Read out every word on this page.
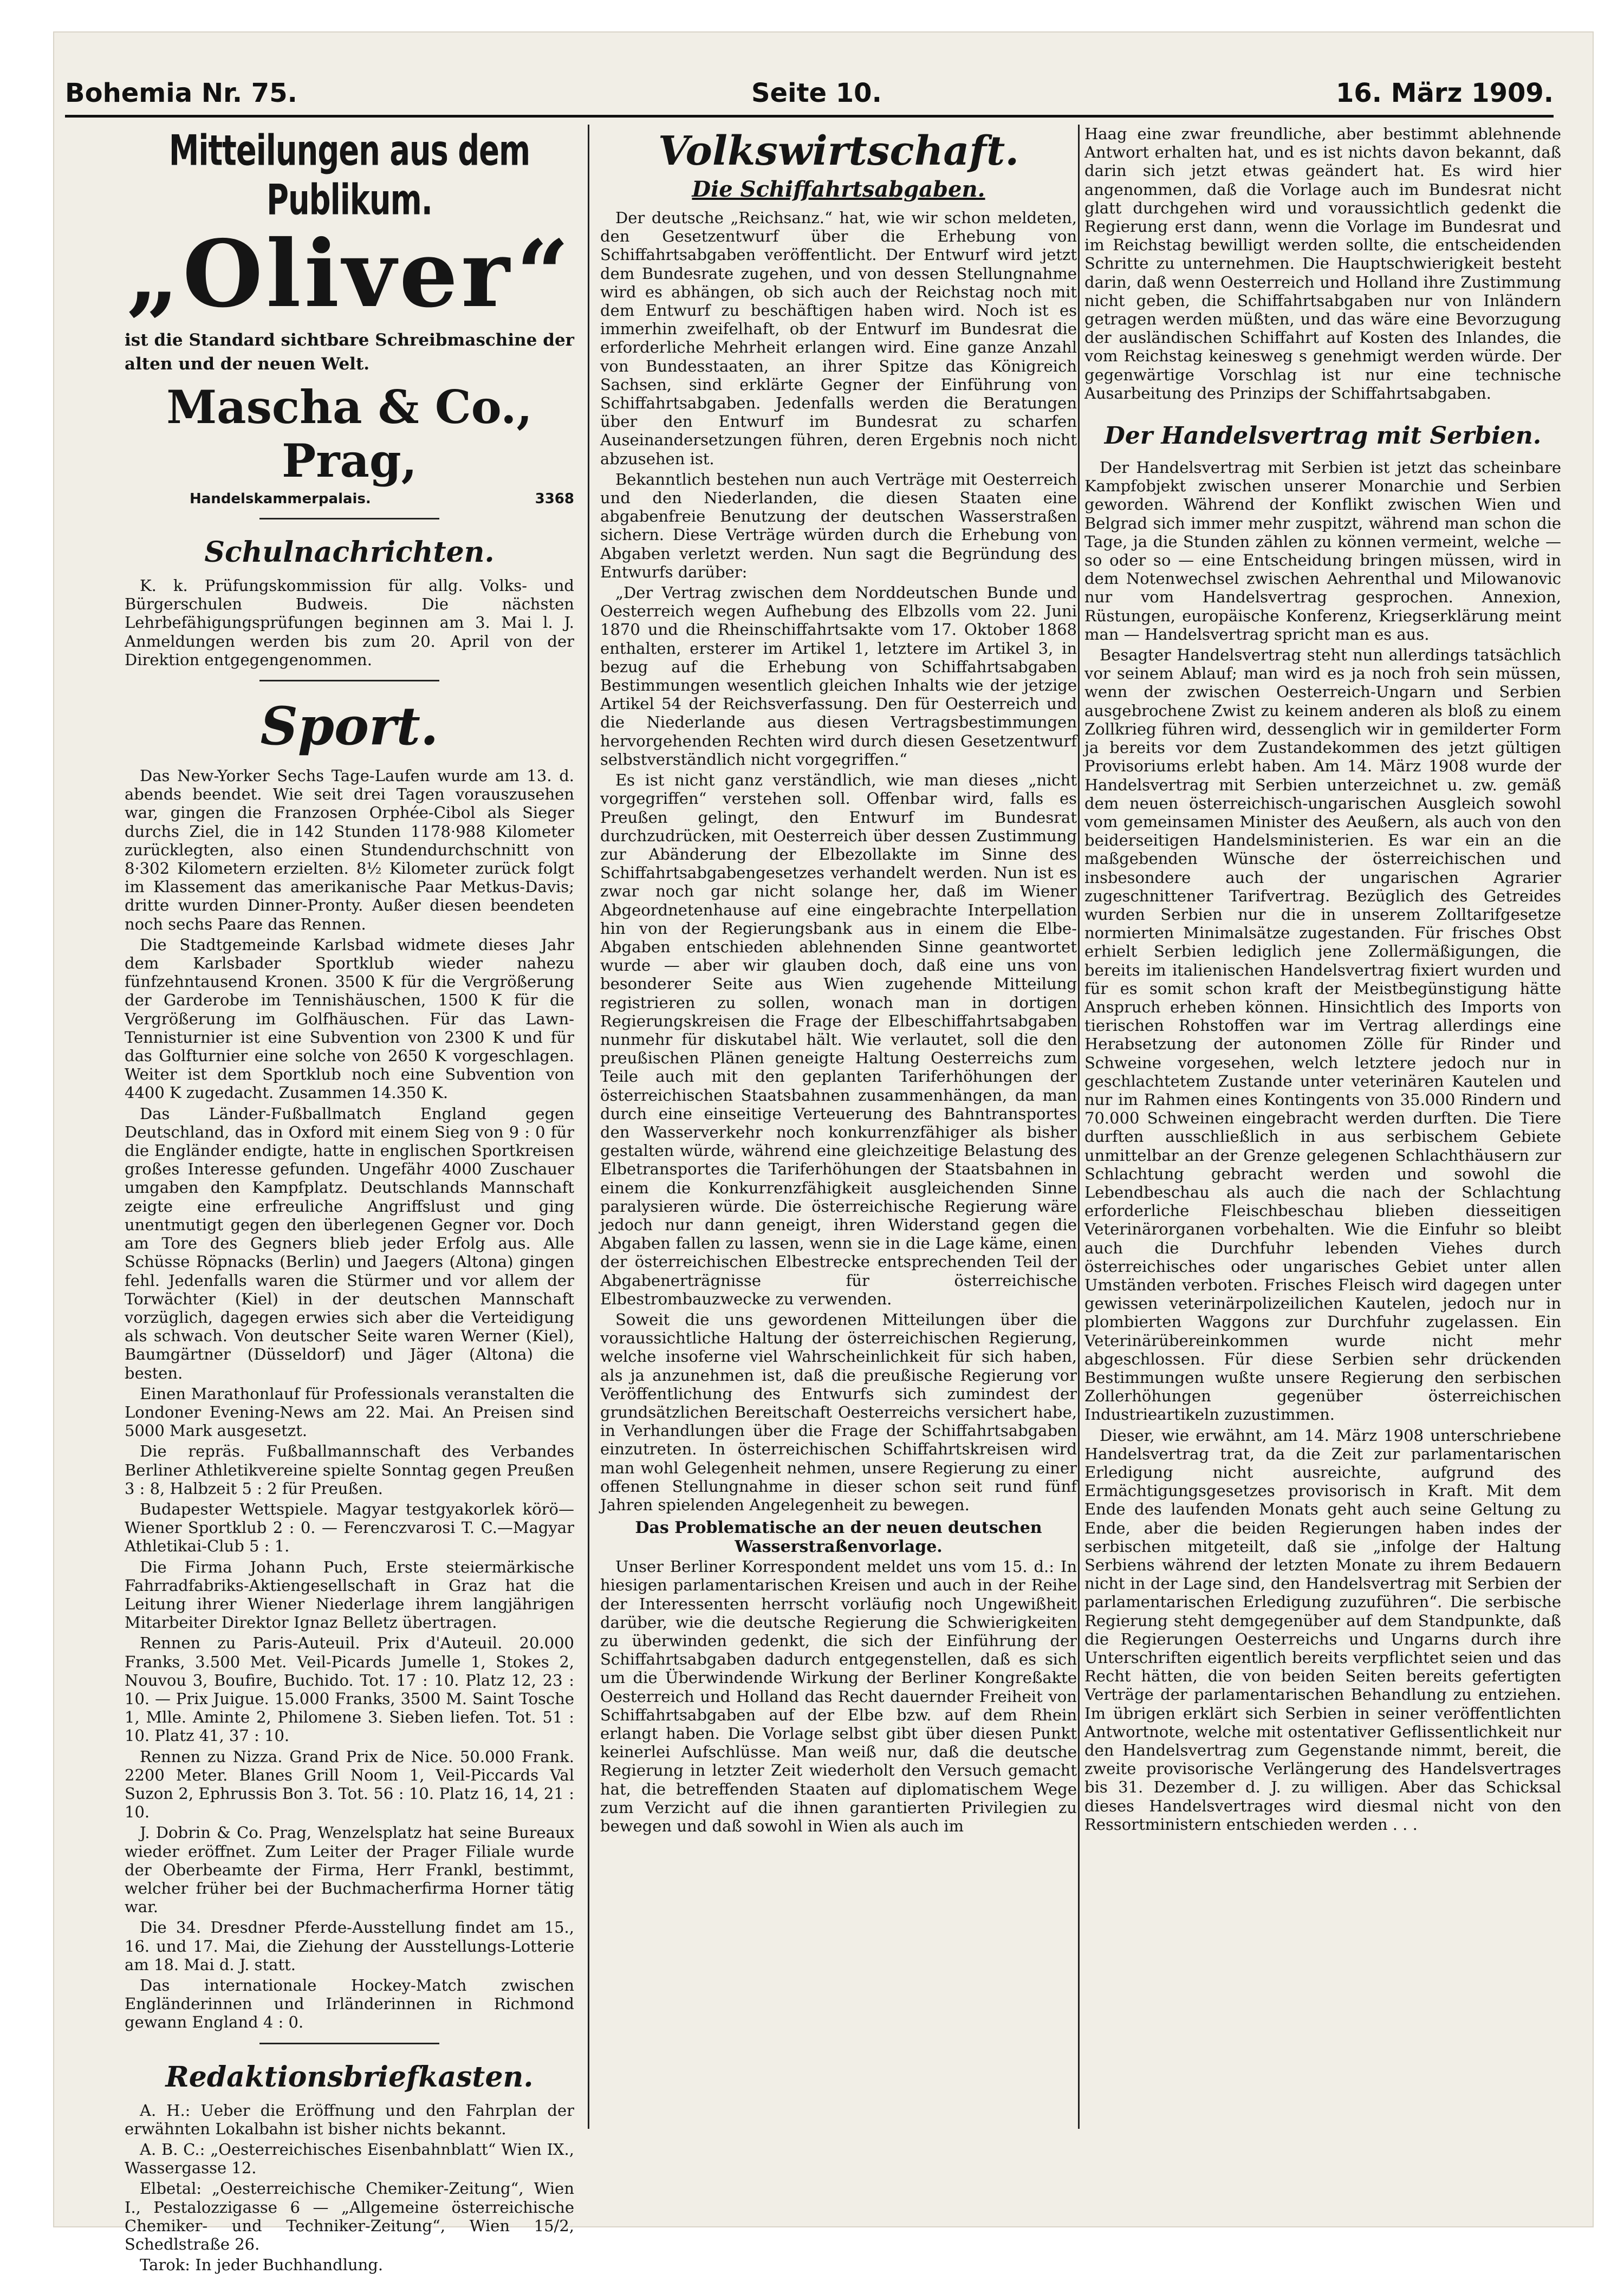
Bohemia Nr. 75.	Seite 10.	16. März 1909.
Mitteilungen aus dem Publikum.
„Oliver“
ist die Standard sichtbare Schreibmaschine der alten und der neuen Welt.
Mascha & Co., Prag,
Handelskammerpalais.	3368
Schulnachrichten.

K. k. Prüfungskommission für allg. Volks- und Bürgerschulen Budweis. Die nächsten Lehrbefähigungsprüfungen beginnen am 3. Mai l. J. Anmeldungen werden bis zum 20. April von der Direktion entgegengenommen.

Sport.

Das New-Yorker Sechs Tage-Laufen wurde am 13. d. abends beendet. Wie seit drei Tagen vorauszusehen war, gingen die Franzosen Orphée-Cibol als Sieger durchs Ziel, die in 142 Stunden 1178·988 Kilometer zurücklegten, also einen Stundendurchschnitt von 8·302 Kilometern erzielten. 8½ Kilometer zurück folgt im Klassement das amerikanische Paar Metkus-Davis; dritte wurden Dinner-Pronty. Außer diesen beendeten noch sechs Paare das Rennen.

Die Stadtgemeinde Karlsbad widmete dieses Jahr dem Karlsbader Sportklub wieder nahezu fünfzehntausend Kronen. 3500 K für die Vergrößerung der Garderobe im Tennishäuschen, 1500 K für die Vergrößerung im Golfhäuschen. Für das Lawn-Tennisturnier ist eine Subvention von 2300 K und für das Golfturnier eine solche von 2650 K vorgeschlagen. Weiter ist dem Sportklub noch eine Subvention von 4400 K zugedacht. Zusammen 14.350 K.

Das Länder-Fußballmatch England gegen Deutschland, das in Oxford mit einem Sieg von 9 : 0 für die Engländer endigte, hatte in englischen Sportkreisen großes Interesse gefunden. Ungefähr 4000 Zuschauer umgaben den Kampfplatz. Deutschlands Mannschaft zeigte eine erfreuliche Angriffslust und ging unentmutigt gegen den überlegenen Gegner vor. Doch am Tore des Gegners blieb jeder Erfolg aus. Alle Schüsse Röpnacks (Berlin) und Jaegers (Altona) gingen fehl. Jedenfalls waren die Stürmer und vor allem der Torwächter (Kiel) in der deutschen Mannschaft vorzüglich, dagegen erwies sich aber die Verteidigung als schwach. Von deutscher Seite waren Werner (Kiel), Baumgärtner (Düsseldorf) und Jäger (Altona) die besten.

Einen Marathonlauf für Professionals veranstalten die Londoner Evening-News am 22. Mai. An Preisen sind 5000 Mark ausgesetzt.

Die repräs. Fußballmannschaft des Verbandes Berliner Athletikvereine spielte Sonntag gegen Preußen 3 : 8, Halbzeit 5 : 2 für Preußen.

Budapester Wettspiele. Magyar testgyakorlek körö—Wiener Sportklub 2 : 0. — Ferenczvarosi T. C.—Magyar Athletikai-Club 5 : 1.

Die Firma Johann Puch, Erste steiermärkische Fahrradfabriks-Aktiengesellschaft in Graz hat die Leitung ihrer Wiener Niederlage ihrem langjährigen Mitarbeiter Direktor Ignaz Belletz übertragen.

Rennen zu Paris-Auteuil. Prix d'Auteuil. 20.000 Franks, 3.500 Met. Veil-Picards Jumelle 1, Stokes 2, Nouvou 3, Boufire, Buchido. Tot. 17 : 10. Platz 12, 23 : 10. — Prix Juigue. 15.000 Franks, 3500 M. Saint Tosche 1, Mlle. Aminte 2, Philomene 3. Sieben liefen. Tot. 51 : 10. Platz 41, 37 : 10.

Rennen zu Nizza. Grand Prix de Nice. 50.000 Frank. 2200 Meter. Blanes Grill Noom 1, Veil-Piccards Val Suzon 2, Ephrussis Bon 3. Tot. 56 : 10. Platz 16, 14, 21 : 10.

J. Dobrin & Co. Prag, Wenzelsplatz hat seine Bureaux wieder eröffnet. Zum Leiter der Prager Filiale wurde der Oberbeamte der Firma, Herr Frankl, bestimmt, welcher früher bei der Buchmacherfirma Horner tätig war.

Die 34. Dresdner Pferde-Ausstellung findet am 15., 16. und 17. Mai, die Ziehung der Ausstellungs-Lotterie am 18. Mai d. J. statt.

Das internationale Hockey-Match zwischen Engländerinnen und Irländerinnen in Richmond gewann England 4 : 0.

Redaktionsbriefkasten.

A. H.: Ueber die Eröffnung und den Fahrplan der erwähnten Lokalbahn ist bisher nichts bekannt.

A. B. C.: „Oesterreichisches Eisenbahnblatt“ Wien IX., Wassergasse 12.

Elbetal: „Oesterreichische Chemiker-Zeitung“, Wien I., Pestalozzigasse 6 — „Allgemeine österreichische Chemiker- und Techniker-Zeitung“, Wien 15/2, Schedlstraße 26.

Tarok: In jeder Buchhandlung.

Volkswirtschaft.
Die Schiffahrtsabgaben.

Der deutsche „Reichsanz.“ hat, wie wir schon meldeten, den Gesetzentwurf über die Erhebung von Schiffahrtsabgaben veröffentlicht. Der Entwurf wird jetzt dem Bundesrate zugehen, und von dessen Stellungnahme wird es abhängen, ob sich auch der Reichstag noch mit dem Entwurf zu beschäftigen haben wird. Noch ist es immerhin zweifelhaft, ob der Entwurf im Bundesrat die erforderliche Mehrheit erlangen wird. Eine ganze Anzahl von Bundesstaaten, an ihrer Spitze das Königreich Sachsen, sind erklärte Gegner der Einführung von Schiffahrtsabgaben. Jedenfalls werden die Beratungen über den Entwurf im Bundesrat zu scharfen Auseinandersetzungen führen, deren Ergebnis noch nicht abzusehen ist.

Bekanntlich bestehen nun auch Verträge mit Oesterreich und den Niederlanden, die diesen Staaten eine abgabenfreie Benutzung der deutschen Wasserstraßen sichern. Diese Verträge würden durch die Erhebung von Abgaben verletzt werden. Nun sagt die Begründung des Entwurfs darüber:

„Der Vertrag zwischen dem Norddeutschen Bunde und Oesterreich wegen Aufhebung des Elbzolls vom 22. Juni 1870 und die Rheinschiffahrtsakte vom 17. Oktober 1868 enthalten, ersterer im Artikel 1, letztere im Artikel 3, in bezug auf die Erhebung von Schiffahrtsabgaben Bestimmungen wesentlich gleichen Inhalts wie der jetzige Artikel 54 der Reichsverfassung. Den für Oesterreich und die Niederlande aus diesen Vertragsbestimmungen hervorgehenden Rechten wird durch diesen Gesetzentwurf selbstverständlich nicht vorgegriffen.“

Es ist nicht ganz verständlich, wie man dieses „nicht vorgegriffen“ verstehen soll. Offenbar wird, falls es Preußen gelingt, den Entwurf im Bundesrat durchzudrücken, mit Oesterreich über dessen Zustimmung zur Abänderung der Elbezollakte im Sinne des Schiffahrtsabgabengesetzes verhandelt werden. Nun ist es zwar noch gar nicht solange her, daß im Wiener Abgeordnetenhause auf eine eingebrachte Interpellation hin von der Regierungsbank aus in einem die Elbe-Abgaben entschieden ablehnenden Sinne geantwortet wurde — aber wir glauben doch, daß eine uns von besonderer Seite aus Wien zugehende Mitteilung registrieren zu sollen, wonach man in dortigen Regierungskreisen die Frage der Elbeschiffahrtsabgaben nunmehr für diskutabel hält. Wie verlautet, soll die den preußischen Plänen geneigte Haltung Oesterreichs zum Teile auch mit den geplanten Tariferhöhungen der österreichischen Staatsbahnen zusammenhängen, da man durch eine einseitige Verteuerung des Bahntransportes den Wasserverkehr noch konkurrenzfähiger als bisher gestalten würde, während eine gleichzeitige Belastung des Elbetransportes die Tariferhöhungen der Staatsbahnen in einem die Konkurrenzfähigkeit ausgleichenden Sinne paralysieren würde. Die österreichische Regierung wäre jedoch nur dann geneigt, ihren Widerstand gegen die Abgaben fallen zu lassen, wenn sie in die Lage käme, einen der österreichischen Elbestrecke entsprechenden Teil der Abgabenerträgnisse für österreichische Elbestrombauzwecke zu verwenden.

Soweit die uns gewordenen Mitteilungen über die voraussichtliche Haltung der österreichischen Regierung, welche insoferne viel Wahrscheinlichkeit für sich haben, als ja anzunehmen ist, daß die preußische Regierung vor Veröffentlichung des Entwurfs sich zumindest der grundsätzlichen Bereitschaft Oesterreichs versichert habe, in Verhandlungen über die Frage der Schiffahrtsabgaben einzutreten. In österreichischen Schiffahrtskreisen wird man wohl Gelegenheit nehmen, unsere Regierung zu einer offenen Stellungnahme in dieser schon seit rund fünf Jahren spielenden Angelegenheit zu bewegen.

Das Problematische an der neuen deutschen Wasserstraßenvorlage.

Unser Berliner Korrespondent meldet uns vom 15. d.: In hiesigen parlamentarischen Kreisen und auch in der Reihe der Interessenten herrscht vorläufig noch Ungewißheit darüber, wie die deutsche Regierung die Schwierigkeiten zu überwinden gedenkt, die sich der Einführung der Schiffahrtsabgaben dadurch entgegenstellen, daß es sich um die Überwindende Wirkung der Berliner Kongreßakte Oesterreich und Holland das Recht dauernder Freiheit von Schiffahrtsabgaben auf der Elbe bzw. auf dem Rhein erlangt haben. Die Vorlage selbst gibt über diesen Punkt keinerlei Aufschlüsse. Man weiß nur, daß die deutsche Regierung in letzter Zeit wiederholt den Versuch gemacht hat, die betreffenden Staaten auf diplomatischem Wege zum Verzicht auf die ihnen garantierten Privilegien zu bewegen und daß sowohl in Wien als auch im

Haag eine zwar freundliche, aber bestimmt ablehnende Antwort erhalten hat, und es ist nichts davon bekannt, daß darin sich jetzt etwas geändert hat. Es wird hier angenommen, daß die Vorlage auch im Bundesrat nicht glatt durchgehen wird und voraussichtlich gedenkt die Regierung erst dann, wenn die Vorlage im Bundesrat und im Reichstag bewilligt werden sollte, die entscheidenden Schritte zu unternehmen. Die Hauptschwierigkeit besteht darin, daß wenn Oesterreich und Holland ihre Zustimmung nicht geben, die Schiffahrtsabgaben nur von Inländern getragen werden müßten, und das wäre eine Bevorzugung der ausländischen Schiffahrt auf Kosten des Inlandes, die vom Reichstag keinesweg s genehmigt werden würde. Der gegenwärtige Vorschlag ist nur eine technische Ausarbeitung des Prinzips der Schiffahrtsabgaben.

Der Handelsvertrag mit Serbien.

Der Handelsvertrag mit Serbien ist jetzt das scheinbare Kampfobjekt zwischen unserer Monarchie und Serbien geworden. Während der Konflikt zwischen Wien und Belgrad sich immer mehr zuspitzt, während man schon die Tage, ja die Stunden zählen zu können vermeint, welche — so oder so — eine Entscheidung bringen müssen, wird in dem Notenwechsel zwischen Aehrenthal und Milowanovic nur vom Handelsvertrag gesprochen. Annexion, Rüstungen, europäische Konferenz, Kriegserklärung meint man — Handelsvertrag spricht man es aus.

Besagter Handelsvertrag steht nun allerdings tatsächlich vor seinem Ablauf; man wird es ja noch froh sein müssen, wenn der zwischen Oesterreich-Ungarn und Serbien ausgebrochene Zwist zu keinem anderen als bloß zu einem Zollkrieg führen wird, dessenglich wir in gemilderter Form ja bereits vor dem Zustandekommen des jetzt gültigen Provisoriums erlebt haben. Am 14. März 1908 wurde der Handelsvertrag mit Serbien unterzeichnet u. zw. gemäß dem neuen österreichisch-ungarischen Ausgleich sowohl vom gemeinsamen Minister des Aeußern, als auch von den beiderseitigen Handelsministerien. Es war ein an die maßgebenden Wünsche der österreichischen und insbesondere auch der ungarischen Agrarier zugeschnittener Tarifvertrag. Bezüglich des Getreides wurden Serbien nur die in unserem Zolltarifgesetze normierten Minimalsätze zugestanden. Für frisches Obst erhielt Serbien lediglich jene Zollermäßigungen, die bereits im italienischen Handelsvertrag fixiert wurden und für es somit schon kraft der Meistbegünstigung hätte Anspruch erheben können. Hinsichtlich des Imports von tierischen Rohstoffen war im Vertrag allerdings eine Herabsetzung der autonomen Zölle für Rinder und Schweine vorgesehen, welch letztere jedoch nur in geschlachtetem Zustande unter veterinären Kautelen und nur im Rahmen eines Kontingents von 35.000 Rindern und 70.000 Schweinen eingebracht werden durften. Die Tiere durften ausschließlich in aus serbischem Gebiete unmittelbar an der Grenze gelegenen Schlachthäusern zur Schlachtung gebracht werden und sowohl die Lebendbeschau als auch die nach der Schlachtung erforderliche Fleischbeschau blieben diesseitigen Veterinärorganen vorbehalten. Wie die Einfuhr so bleibt auch die Durchfuhr lebenden Viehes durch österreichisches oder ungarisches Gebiet unter allen Umständen verboten. Frisches Fleisch wird dagegen unter gewissen veterinärpolizeilichen Kautelen, jedoch nur in plombierten Waggons zur Durchfuhr zugelassen. Ein Veterinärübereinkommen wurde nicht mehr abgeschlossen. Für diese Serbien sehr drückenden Bestimmungen wußte unsere Regierung den serbischen Zollerhöhungen gegenüber österreichischen Industrieartikeln zuzustimmen.

Dieser, wie erwähnt, am 14. März 1908 unterschriebene Handelsvertrag trat, da die Zeit zur parlamentarischen Erledigung nicht ausreichte, aufgrund des Ermächtigungsgesetzes provisorisch in Kraft. Mit dem Ende des laufenden Monats geht auch seine Geltung zu Ende, aber die beiden Regierungen haben indes der serbischen mitgeteilt, daß sie „infolge der Haltung Serbiens während der letzten Monate zu ihrem Bedauern nicht in der Lage sind, den Handelsvertrag mit Serbien der parlamentarischen Erledigung zuzuführen“. Die serbische Regierung steht demgegenüber auf dem Standpunkte, daß die Regierungen Oesterreichs und Ungarns durch ihre Unterschriften eigentlich bereits verpflichtet seien und das Recht hätten, die von beiden Seiten bereits gefertigten Verträge der parlamentarischen Behandlung zu entziehen. Im übrigen erklärt sich Serbien in seiner veröffentlichten Antwortnote, welche mit ostentativer Geflissentlichkeit nur den Handelsvertrag zum Gegenstande nimmt, bereit, die zweite provisorische Verlängerung des Handelsvertrages bis 31. Dezember d. J. zu willigen. Aber das Schicksal dieses Handelsvertrages wird diesmal nicht von den Ressortministern entschieden werden . . .
